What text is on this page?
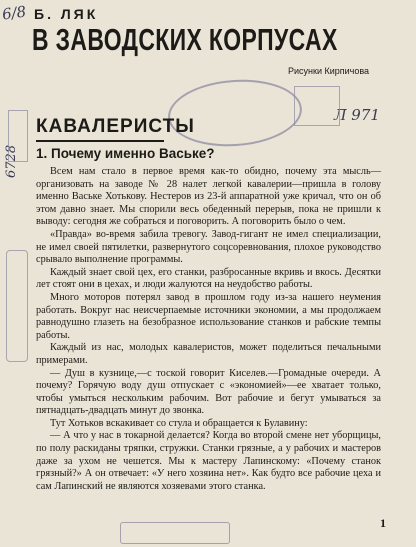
6/8
Л 971
6728
Б. ЛЯК
В ЗАВОДСКИХ КОРПУСАХ
Рисунки Кирпичова
КАВАЛЕРИСТЫ
1. Почему именно Ваське?

Всем нам стало в первое время как-то обидно, почему эта мысль—организовать на заводе № 28 налет легкой кавалерии—пришла в голову именно Ваське Хотькову. Нестеров из 23-й аппаратной уже кричал, что он об этом давно знает. Мы спорили весь обеденный перерыв, пока не пришли к выводу: сегодня же собраться и поговорить. А поговорить было о чем.

«Правда» во-время забила тревогу. Завод-гигант не имел специализации, не имел своей пятилетки, развернутого соцсоревнования, плохое руководство срывало выполнение программы.

Каждый знает свой цех, его станки, разбросанные вкривь и вкось. Десятки лет стоят они в цехах, и люди жалуются на неудобство работы.

Много моторов потерял завод в прошлом году из-за нашего неумения работать. Вокруг нас неисчерпаемые источники экономии, а мы продолжаем равнодушно глазеть на безобразное использование станков и рабские темпы работы.

Каждый из нас, молодых кавалеристов, может поделиться печальными примерами.

— Душ в кузнице,—с тоской говорит Киселев.—Громадные очереди. А почему? Горячую воду душ отпускает с «экономией»—ее хватает только, чтобы умыться нескольким рабочим. Вот рабочие и бегут умываться за пятнадцать-двадцать минут до звонка.

Тут Хотьков вскакивает со стула и обращается к Булавину:

— А что у нас в токарной делается? Когда во второй смене нет уборщицы, по полу раскиданы тряпки, стружки. Станки грязные, а у рабочих и мастеров даже за ухом не чешется. Мы к мастеру Лапинскому: «Почему станок грязный?» А он отвечает: «У него хозяина нет». Как будто все рабочие цеха и сам Лапинский не являются хозяевами этого станка.

1
